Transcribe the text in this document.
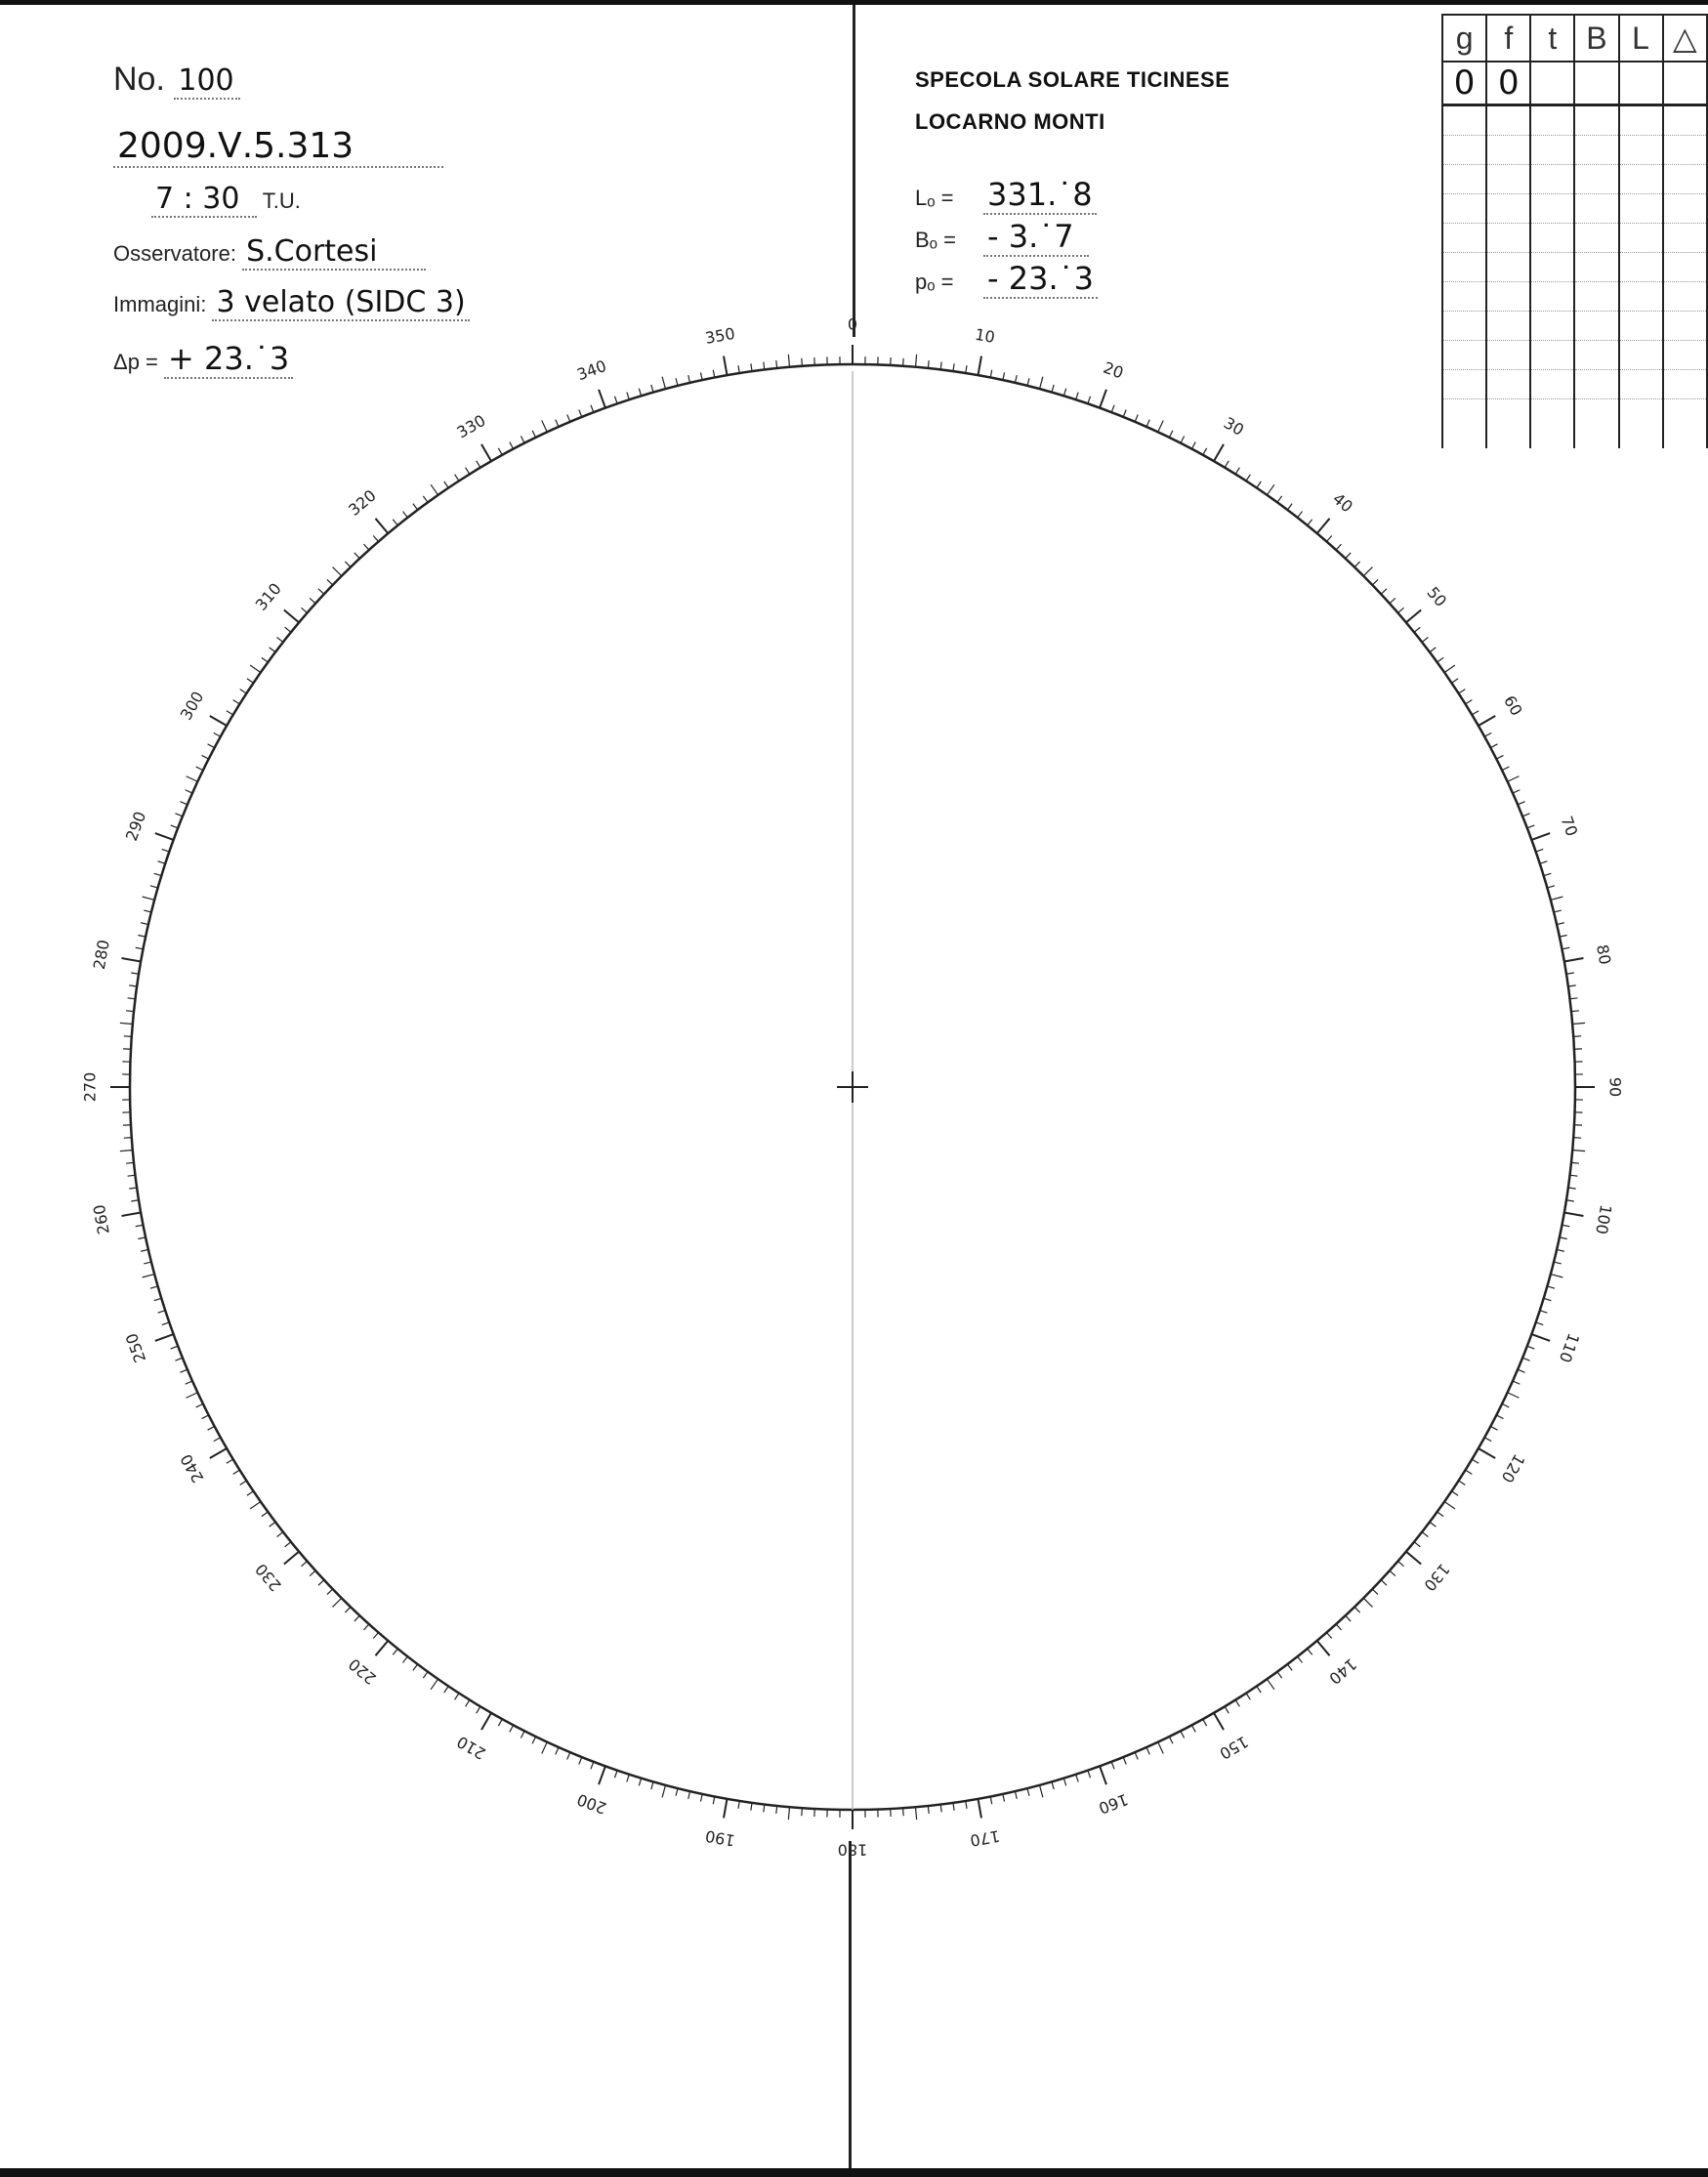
No. 100
2009.Ⅴ.5.313
7 : 30 T.U.
Osservatore: S.Cortesi
Immagini: 3 velato (SIDC 3)
Δp = + 23.˙3
SPECOLA SOLARE TICINESE
LOCARNO MONTI
Lₒ =	331.˙8
Bₒ =	- 3.˙7
pₒ =	- 23.˙3
g	f	t	B	L	△
0	0				

0
10
20
30
40
50
60
70
80
90
100
110
120
130
140
150
160
170
180
190
200
210
220
230
240
250
260
270
280
290
300
310
320
330
340
350
